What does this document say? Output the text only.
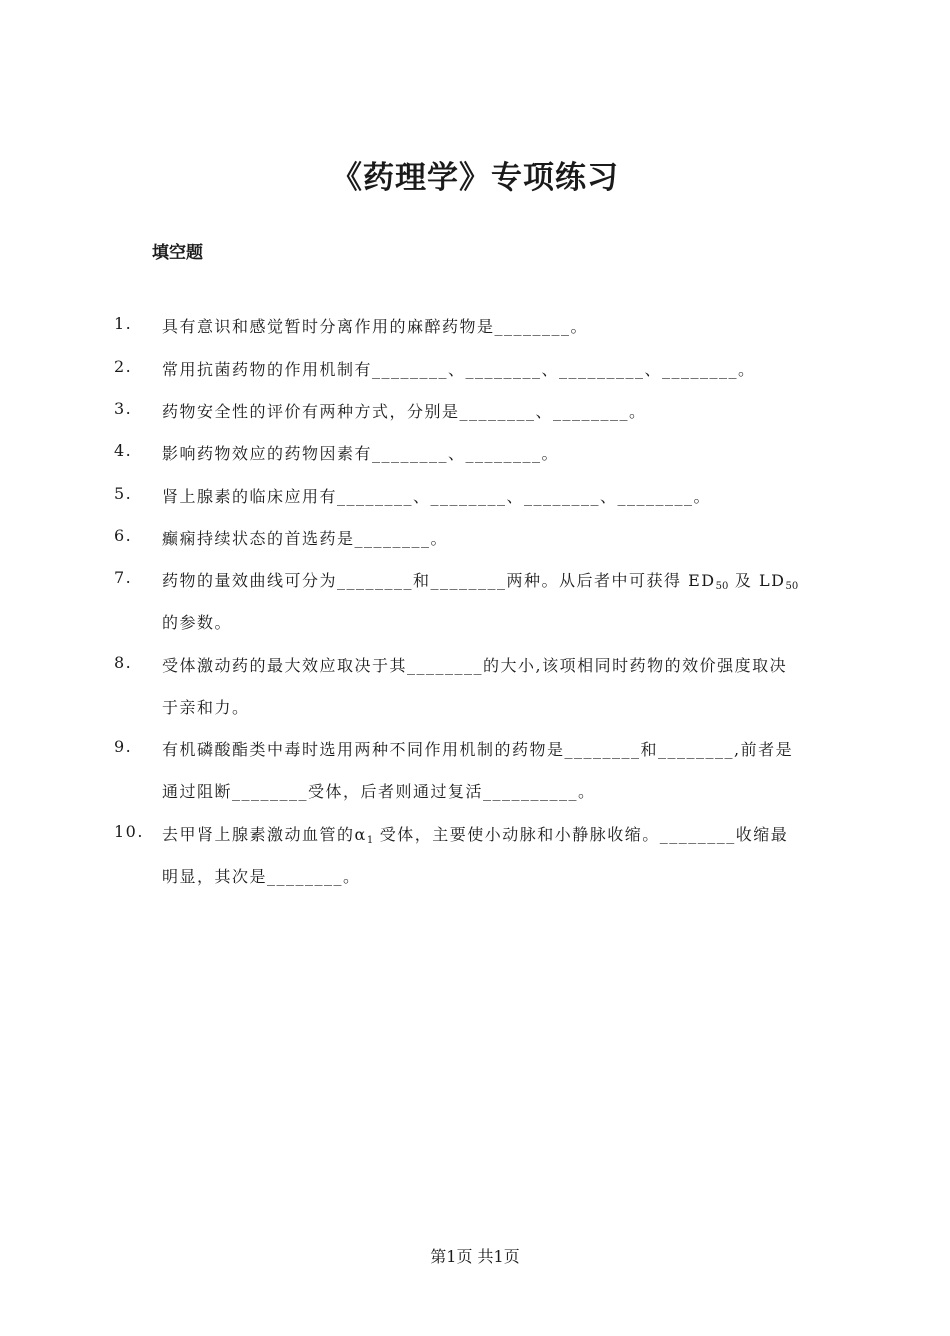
《药理学》专项练习
填空题
1.	具有意识和感觉暂时分离作用的麻醉药物是________。
2.	常用抗菌药物的作用机制有________、________、_________、________。
3.	药物安全性的评价有两种方式，分别是________、________。
4.	影响药物效应的药物因素有________、________。
5.	肾上腺素的临床应用有________、________、________、________。
6.	癫痫持续状态的首选药是________。
7.	药物的量效曲线可分为________和________两种。从后者中可获得 $ED_{50}$ 及 $LD_{50}$
的参数。
8.	受体激动药的最大效应取决于其________的大小,该项相同时药物的效价强度取决
于亲和力。
9.	有机磷酸酯类中毒时选用两种不同作用机制的药物是________和________,前者是
通过阻断________受体，后者则通过复活__________。
10.	去甲肾上腺素激动血管的$\alpha_1$ 受体，主要使小动脉和小静脉收缩。________收缩最
明显，其次是________。
第1页 共1页
